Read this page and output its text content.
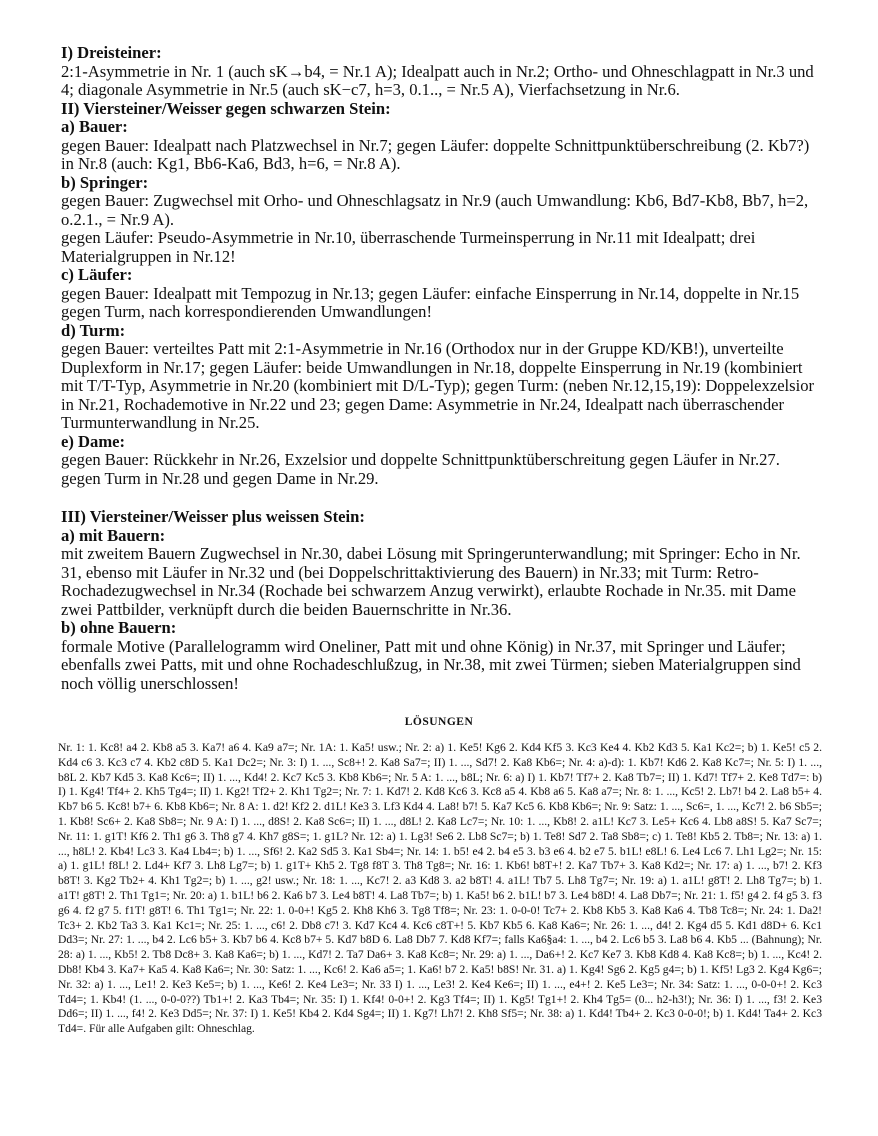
I) Dreisteiner:
2:1-Asymmetrie in Nr. 1 (auch sK→b4, = Nr.1 A); Idealpatt auch in Nr.2; Ortho- und Ohneschlagpatt in Nr.3 und 4; diagonale Asymmetrie in Nr.5 (auch sK−c7, h=3, 0.1.., = Nr.5 A), Vierfachsetzung in Nr.6.
II) Viersteiner/Weisser gegen schwarzen Stein:
a) Bauer:
gegen Bauer: Idealpatt nach Platzwechsel in Nr.7; gegen Läufer: doppelte Schnittpunktüberschreibung (2. Kb7?) in Nr.8 (auch: Kg1, Bb6-Ka6, Bd3, h=6, = Nr.8 A).
b) Springer:
gegen Bauer: Zugwechsel mit Orho- und Ohneschlagsatz in Nr.9 (auch Umwandlung: Kb6, Bd7-Kb8, Bb7, h=2, o.2.1., = Nr.9 A).
gegen Läufer: Pseudo-Asymmetrie in Nr.10, überraschende Turmeinsperrung in Nr.11 mit Idealpatt; drei Materialgruppen in Nr.12!
c) Läufer:
gegen Bauer: Idealpatt mit Tempozug in Nr.13; gegen Läufer: einfache Einsperrung in Nr.14, doppelte in Nr.15 gegen Turm, nach korrespondierenden Umwandlungen!
d) Turm:
gegen Bauer: verteiltes Patt mit 2:1-Asymmetrie in Nr.16 (Orthodox nur in der Gruppe KD/KB!), unverteilte Duplexform in Nr.17; gegen Läufer: beide Umwandlungen in Nr.18, doppelte Einsperrung in Nr.19 (kombiniert mit T/T-Typ, Asymmetrie in Nr.20 (kombiniert mit D/L-Typ); gegen Turm: (neben Nr.12,15,19): Doppelexzelsior in Nr.21, Rochademotive in Nr.22 und 23; gegen Dame: Asymmetrie in Nr.24, Idealpatt nach überraschender Turmunterwandlung in Nr.25.
e) Dame:
gegen Bauer: Rückkehr in Nr.26, Exzelsior und doppelte Schnittpunktüberschreitung gegen Läufer in Nr.27. gegen Turm in Nr.28 und gegen Dame in Nr.29.
III) Viersteiner/Weisser plus weissen Stein:
a) mit Bauern:
mit zweitem Bauern Zugwechsel in Nr.30, dabei Lösung mit Springerunterwandlung; mit Springer: Echo in Nr. 31, ebenso mit Läufer in Nr.32 und (bei Doppelschrittaktivierung des Bauern) in Nr.33; mit Turm: Retro-Rochadezugwechsel in Nr.34 (Rochade bei schwarzem Anzug verwirkt), erlaubte Rochade in Nr.35. mit Dame zwei Pattbilder, verknüpft durch die beiden Bauernschritte in Nr.36.
b) ohne Bauern:
formale Motive (Parallelogramm wird Oneliner, Patt mit und ohne König) in Nr.37, mit Springer und Läufer; ebenfalls zwei Patts, mit und ohne Rochadeschlußzug, in Nr.38, mit zwei Türmen; sieben Materialgruppen sind noch völlig unerschlossen!
LÖSUNGEN
Nr. 1: 1. Kc8! a4 2. Kb8 a5 3. Ka7! a6 4. Ka9 a7=; Nr. 1A: 1. Ka5! usw.; Nr. 2: a) 1. Ke5! Kg6 2. Kd4 Kf5 3. Kc3 Ke4 4. Kb2 Kd3 5. Ka1 Kc2=; b) 1. Ke5! c5 2. Kd4 c6 3. Kc3 c7 4. Kb2 c8D 5. Ka1 Dc2=; Nr. 3: I) 1. ..., Sc8+! 2. Ka8 Sa7=; II) 1. ..., Sd7! 2. Ka8 Kb6=; Nr. 4: a)-d): 1. Kb7! Kd6 2. Ka8 Kc7=; Nr. 5: I) 1. ..., b8L 2. Kb7 Kd5 3. Ka8 Kc6=; II) 1. ..., Kd4! 2. Kc7 Kc5 3. Kb8 Kb6=; Nr. 5 A: 1. ..., b8L; Nr. 6: a) I) 1. Kb7! Tf7+ 2. Ka8 Tb7=; II) 1. Kd7! Tf7+ 2. Ke8 Td7=: b) I) 1. Kg4! Tf4+ 2. Kh5 Tg4=; II) 1. Kg2! Tf2+ 2. Kh1 Tg2=; Nr. 7: 1. Kd7! 2. Kd8 Kc6 3. Kc8 a5 4. Kb8 a6 5. Ka8 a7=; Nr. 8: 1. ..., Kc5! 2. Lb7! b4 2. La8 b5+ 4. Kb7 b6 5. Kc8! b7+ 6. Kb8 Kb6=; Nr. 8 A: 1. d2! Kf2 2. d1L! Ke3 3. Lf3 Kd4 4. La8! b7! 5. Ka7 Kc5 6. Kb8 Kb6=; Nr. 9: Satz: 1. ..., Sc6=, 1. ..., Kc7! 2. b6 Sb5=; 1. Kb8! Sc6+ 2. Ka8 Sb8=; Nr. 9 A: I) 1. ..., d8S! 2. Ka8 Sc6=; II) 1. ..., d8L! 2. Ka8 Lc7=; Nr. 10: 1. ..., Kb8! 2. a1L! Kc7 3. Le5+ Kc6 4. Lb8 a8S! 5. Ka7 Sc7=; Nr. 11: 1. g1T! Kf6 2. Th1 g6 3. Th8 g7 4. Kh7 g8S=; 1. g1L? Nr. 12: a) 1. Lg3! Se6 2. Lb8 Sc7=; b) 1. Te8! Sd7 2. Ta8 Sb8=; c) 1. Te8! Kb5 2. Tb8=; Nr. 13: a) 1. ..., h8L! 2. Kb4! Lc3 3. Ka4 Lb4=; b) 1. ..., Sf6! 2. Ka2 Sd5 3. Ka1 Sb4=; Nr. 14: 1. b5! e4 2. b4 e5 3. b3 e6 4. b2 e7 5. b1L! e8L! 6. Le4 Lc6 7. Lh1 Lg2=; Nr. 15: a) 1. g1L! f8L! 2. Ld4+ Kf7 3. Lh8 Lg7=; b) 1. g1T+ Kh5 2. Tg8 f8T 3. Th8 Tg8=; Nr. 16: 1. Kb6! b8T+! 2. Ka7 Tb7+ 3. Ka8 Kd2=; Nr. 17: a) 1. ..., b7! 2. Kf3 b8T! 3. Kg2 Tb2+ 4. Kh1 Tg2=; b) 1. ..., g2! usw.; Nr. 18: 1. ..., Kc7! 2. a3 Kd8 3. a2 b8T! 4. a1L! Tb7 5. Lh8 Tg7=; Nr. 19: a) 1. a1L! g8T! 2. Lh8 Tg7=; b) 1. a1T! g8T! 2. Th1 Tg1=; Nr. 20: a) 1. b1L! b6 2. Ka6 b7 3. Le4 b8T! 4. La8 Tb7=; b) 1. Ka5! b6 2. b1L! b7 3. Le4 b8D! 4. La8 Db7=; Nr. 21: 1. f5! g4 2. f4 g5 3. f3 g6 4. f2 g7 5. f1T! g8T! 6. Th1 Tg1=; Nr. 22: 1. 0-0+! Kg5 2. Kh8 Kh6 3. Tg8 Tf8=; Nr. 23: 1. 0-0-0! Tc7+ 2. Kb8 Kb5 3. Ka8 Ka6 4. Tb8 Tc8=; Nr. 24: 1. Da2! Tc3+ 2. Kb2 Ta3 3. Ka1 Kc1=; Nr. 25: 1. ..., c6! 2. Db8 c7! 3. Kd7 Kc4 4. Kc6 c8T+! 5. Kb7 Kb5 6. Ka8 Ka6=; Nr. 26: 1. ..., d4! 2. Kg4 d5 5. Kd1 d8D+ 6. Kc1 Dd3=; Nr. 27: 1. ..., b4 2. Lc6 b5+ 3. Kb7 b6 4. Kc8 b7+ 5. Kd7 b8D 6. La8 Db7 7. Kd8 Kf7=; falls Ka6§a4: 1. ..., b4 2. Lc6 b5 3. La8 b6 4. Kb5 ... (Bahnung); Nr. 28: a) 1. ..., Kb5! 2. Tb8 Dc8+ 3. Ka8 Ka6=; b) 1. ..., Kd7! 2. Ta7 Da6+ 3. Ka8 Kc8=; Nr. 29: a) 1. ..., Da6+! 2. Kc7 Ke7 3. Kb8 Kd8 4. Ka8 Kc8=; b) 1. ..., Kc4! 2. Db8! Kb4 3. Ka7+ Ka5 4. Ka8 Ka6=; Nr. 30: Satz: 1. ..., Kc6! 2. Ka6 a5=; 1. Ka6! b7 2. Ka5! b8S! Nr. 31. a) 1. Kg4! Sg6 2. Kg5 g4=; b) 1. Kf5! Lg3 2. Kg4 Kg6=; Nr. 32: a) 1. ..., Le1! 2. Ke3 Ke5=; b) 1. ..., Ke6! 2. Ke4 Le3=; Nr. 33 I) 1. ..., Le3! 2. Ke4 Ke6=; II) 1. ..., e4+! 2. Ke5 Le3=; Nr. 34: Satz: 1. ..., 0-0-0+! 2. Kc3 Td4=; 1. Kb4! (1. ..., 0-0-0??) Tb1+! 2. Ka3 Tb4=; Nr. 35: I) 1. Kf4! 0-0+! 2. Kg3 Tf4=; II) 1. Kg5! Tg1+! 2. Kh4 Tg5= (0... h2-h3!); Nr. 36: I) 1. ..., f3! 2. Ke3 Dd6=; II) 1. ..., f4! 2. Ke3 Dd5=; Nr. 37: I) 1. Ke5! Kb4 2. Kd4 Sg4=; II) 1. Kg7! Lh7! 2. Kh8 Sf5=; Nr. 38: a) 1. Kd4! Tb4+ 2. Kc3 0-0-0!; b) 1. Kd4! Ta4+ 2. Kc3 Td4=. Für alle Aufgaben gilt: Ohneschlag.
